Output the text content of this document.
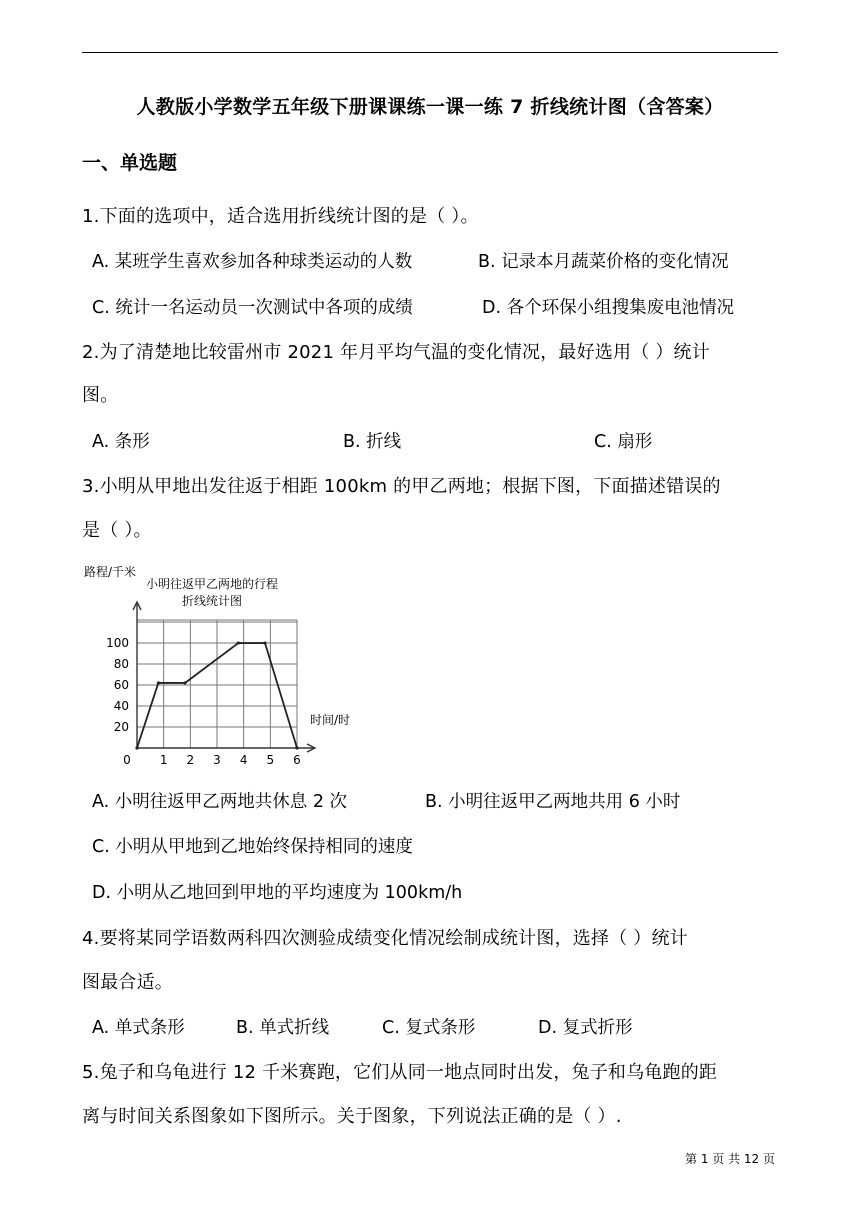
人教版小学数学五年级下册课课练一课一练 7 折线统计图（含答案）
一、单选题
1.下面的选项中，适合选用折线统计图的是（ ）。
A. 某班学生喜欢参加各种球类运动的人数	B. 记录本月蔬菜价格的变化情况
C. 统计一名运动员一次测试中各项的成绩	D. 各个环保小组搜集废电池情况
2.为了清楚地比较雷州市 2021 年月平均气温的变化情况，最好选用（ ）统计
图。
A. 条形	B. 折线	C. 扇形
3.小明从甲地出发往返于相距 100km 的甲乙两地；根据下图，下面描述错误的
是（ ）。
路程/千米
小明往返甲乙两地的行程
折线统计图
时间/时
0 1 2 3 4 5 6
20
40
60
80
100
A. 小明往返甲乙两地共休息 2 次	B. 小明往返甲乙两地共用 6 小时
C. 小明从甲地到乙地始终保持相同的速度
D. 小明从乙地回到甲地的平均速度为 100km/h
4.要将某同学语数两科四次测验成绩变化情况绘制成统计图，选择（ ）统计
图最合适。
A. 单式条形	B. 单式折线	C. 复式条形	D. 复式折形
5.兔子和乌龟进行 12 千米赛跑，它们从同一地点同时出发，兔子和乌龟跑的距
离与时间关系图象如下图所示。关于图象，下列说法正确的是（ ）.
第 1 页 共 12 页
